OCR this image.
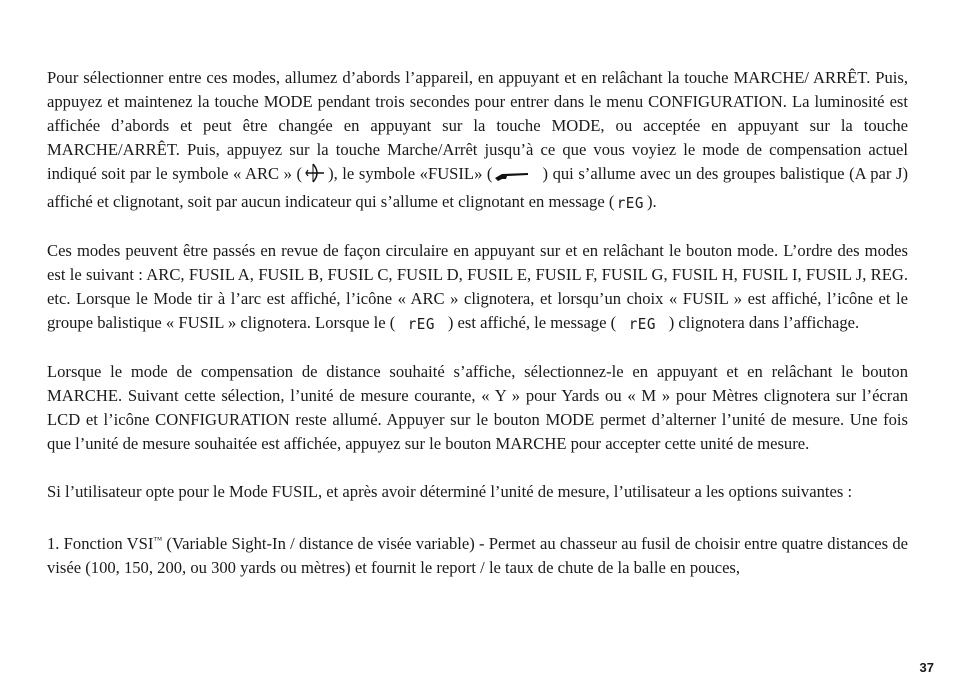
Pour sélectionner entre ces modes, allumez d’abords l’appareil, en appuyant et en relâchant la touche MARCHE/ ARRÊT. Puis, appuyez et maintenez la touche MODE pendant trois secondes pour entrer dans le menu CONFIGURATION. La luminosité est affichée d’abords et peut être changée en appuyant sur la touche MODE, ou acceptée en appuyant sur la touche MARCHE/ARRÊT. Puis, appuyez sur la touche Marche/Arrêt jusqu’à ce que vous voyiez le mode de compensation actuel indiqué soit par le symbole « ARC » ( ), le symbole «FUSIL» (	) qui s’allume avec un des groupes balistique (A par J) affiché et clignotant, soit par aucun indicateur qui s’allume et clignotant en message ( rEG ).

Ces modes peuvent être passés en revue de façon circulaire en appuyant sur et en relâchant le bouton mode. L’ordre des modes est le suivant : ARC, FUSIL A, FUSIL B, FUSIL C, FUSIL D, FUSIL E, FUSIL F, FUSIL G, FUSIL H, FUSIL I, FUSIL J, REG. etc. Lorsque le Mode tir à l’arc est affiché, l’icône « ARC » clignotera, et lorsqu’un choix « FUSIL » est affiché, l’icône et le groupe balistique « FUSIL » clignotera. Lorsque le ( rEG ) est affiché, le message ( rEG ) clignotera dans l’affichage.

Lorsque le mode de compensation de distance souhaité s’affiche, sélectionnez-le en appuyant et en relâchant le bouton MARCHE. Suivant cette sélection, l’unité de mesure courante, « Y » pour Yards ou « M » pour Mètres clignotera sur l’écran LCD et l’icône CONFIGURATION reste allumé. Appuyer sur le bouton MODE permet d’alterner l’unité de mesure. Une fois que l’unité de mesure souhaitée est affichée, appuyez sur le bouton MARCHE pour accepter cette unité de mesure.

Si l’utilisateur opte pour le Mode FUSIL, et après avoir déterminé l’unité de mesure, l’utilisateur a les options suivantes :

1. Fonction VSI™ (Variable Sight-In / distance de visée variable) - Permet au chasseur au fusil de choisir entre quatre distances de visée (100, 150, 200, ou 300 yards ou mètres) et fournit le report / le taux de chute de la balle en pouces,

37
